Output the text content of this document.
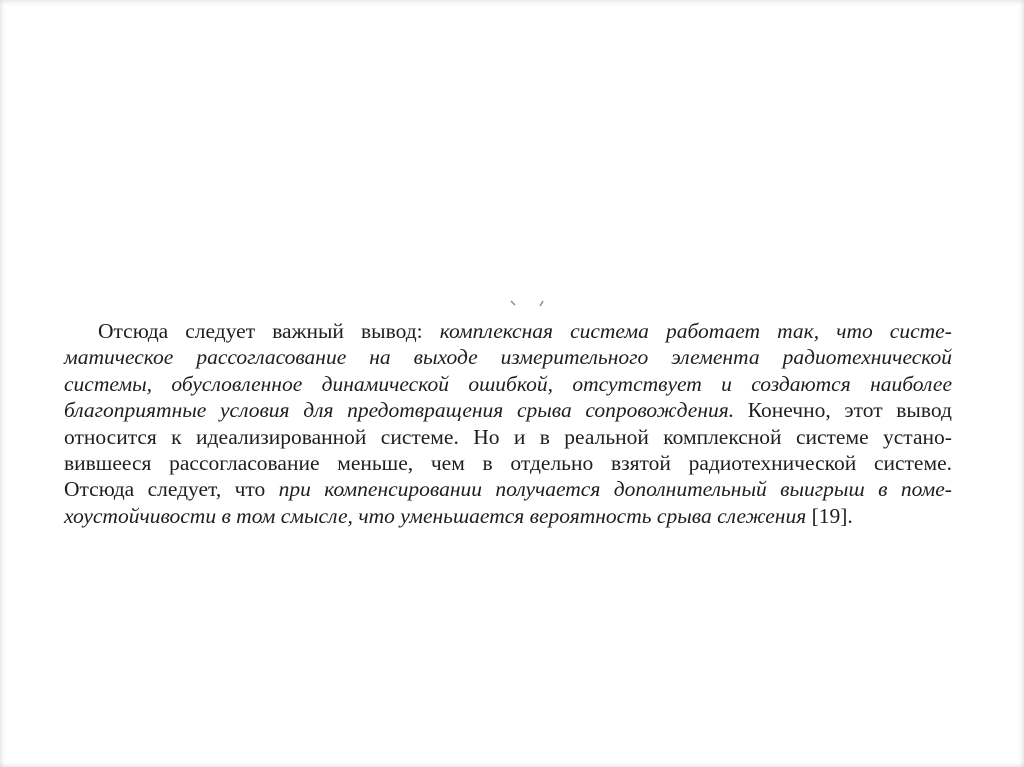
Отсюда следует важный вывод: комплексная система работает так, что систе-
матическое рассогласование на выходе измерительного элемента радиотехнической
системы, обусловленное динамической ошибкой, отсутствует и создаются наиболее
благоприятные условия для предотвращения срыва сопровождения. Конечно, этот вывод
относится к идеализированной системе. Но и в реальной комплексной системе устано-
вившееся рассогласование меньше, чем в отдельно взятой радиотехнической системе.
Отсюда следует, что при компенсировании получается дополнительный выигрыш в поме-
хоустойчивости в том смысле, что уменьшается вероятность срыва слежения [19].
